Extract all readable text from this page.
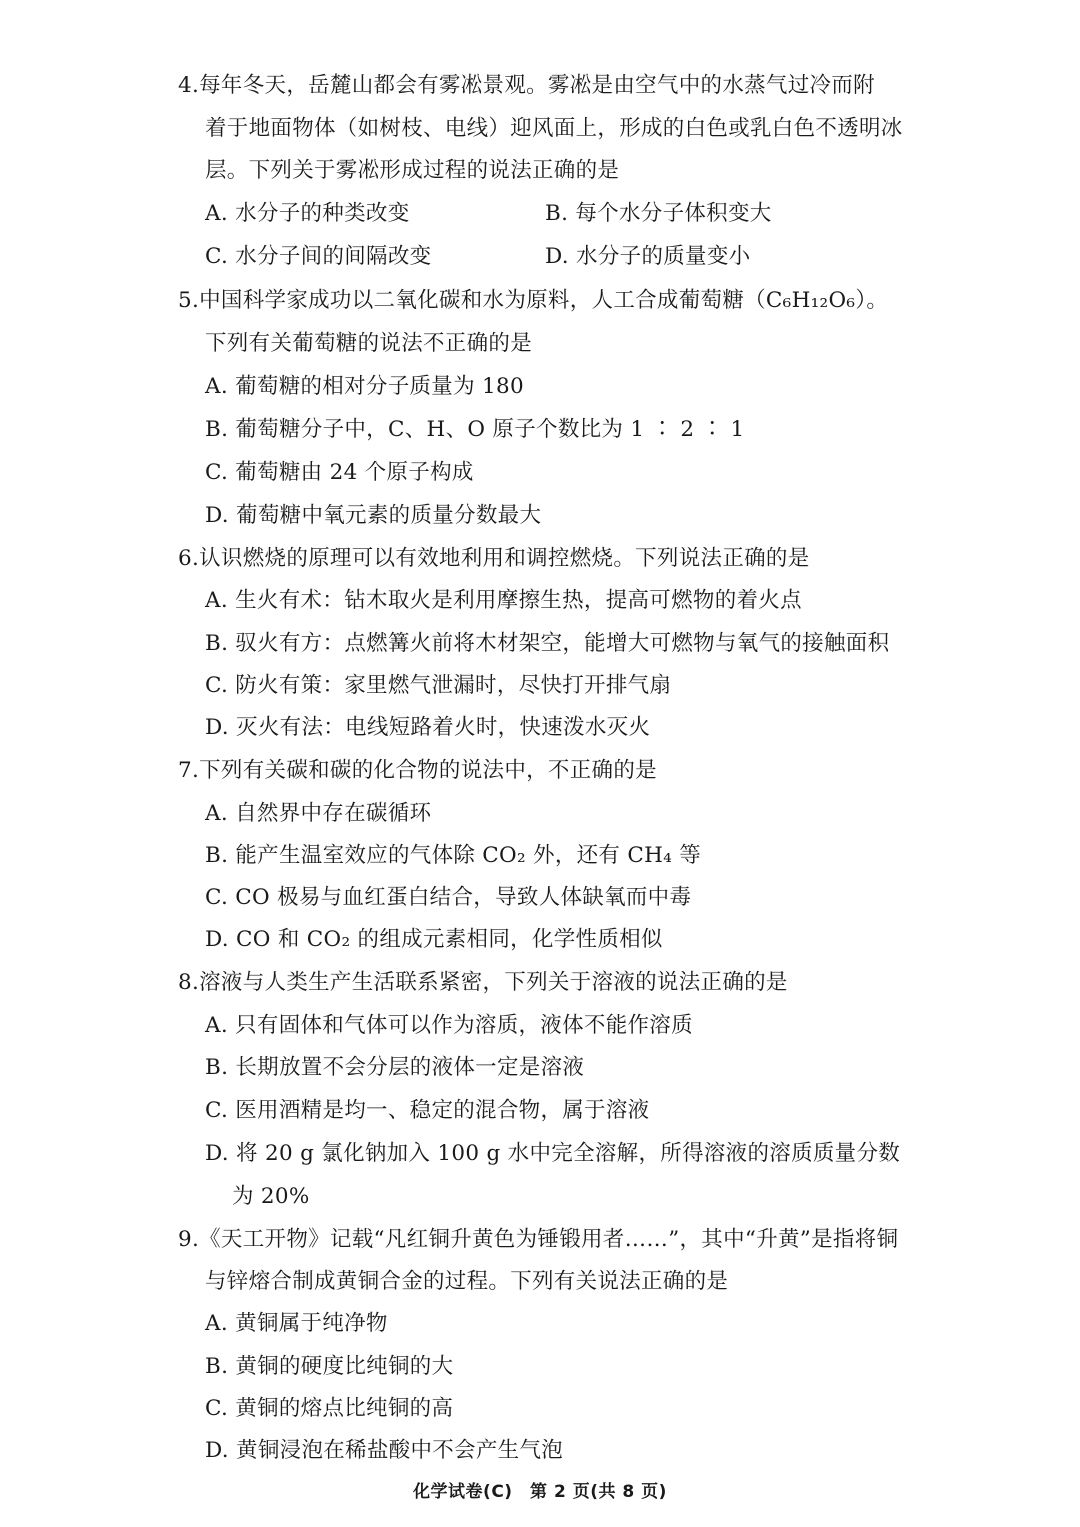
4.每年冬天，岳麓山都会有雾凇景观。雾凇是由空气中的水蒸气过冷而附
着于地面物体（如树枝、电线）迎风面上，形成的白色或乳白色不透明冰
层。下列关于雾凇形成过程的说法正确的是
A. 水分子的种类改变	B. 每个水分子体积变大
C. 水分子间的间隔改变	D. 水分子的质量变小
5.中国科学家成功以二氧化碳和水为原料，人工合成葡萄糖（C₆H₁₂O₆）。
下列有关葡萄糖的说法不正确的是
A. 葡萄糖的相对分子质量为 180
B. 葡萄糖分子中，C、H、O 原子个数比为 1 ∶ 2 ∶ 1
C. 葡萄糖由 24 个原子构成
D. 葡萄糖中氧元素的质量分数最大
6.认识燃烧的原理可以有效地利用和调控燃烧。下列说法正确的是
A. 生火有术：钻木取火是利用摩擦生热，提高可燃物的着火点
B. 驭火有方：点燃篝火前将木材架空，能增大可燃物与氧气的接触面积
C. 防火有策：家里燃气泄漏时，尽快打开排气扇
D. 灭火有法：电线短路着火时，快速泼水灭火
7.下列有关碳和碳的化合物的说法中，不正确的是
A. 自然界中存在碳循环
B. 能产生温室效应的气体除 CO₂ 外，还有 CH₄ 等
C. CO 极易与血红蛋白结合，导致人体缺氧而中毒
D. CO 和 CO₂ 的组成元素相同，化学性质相似
8.溶液与人类生产生活联系紧密，下列关于溶液的说法正确的是
A. 只有固体和气体可以作为溶质，液体不能作溶质
B. 长期放置不会分层的液体一定是溶液
C. 医用酒精是均一、稳定的混合物，属于溶液
D. 将 20 g 氯化钠加入 100 g 水中完全溶解，所得溶液的溶质质量分数
为 20%
9.《天工开物》记载“凡红铜升黄色为锤锻用者……”，其中“升黄”是指将铜
与锌熔合制成黄铜合金的过程。下列有关说法正确的是
A. 黄铜属于纯净物
B. 黄铜的硬度比纯铜的大
C. 黄铜的熔点比纯铜的高
D. 黄铜浸泡在稀盐酸中不会产生气泡
化学试卷(C)　第 2 页(共 8 页)
